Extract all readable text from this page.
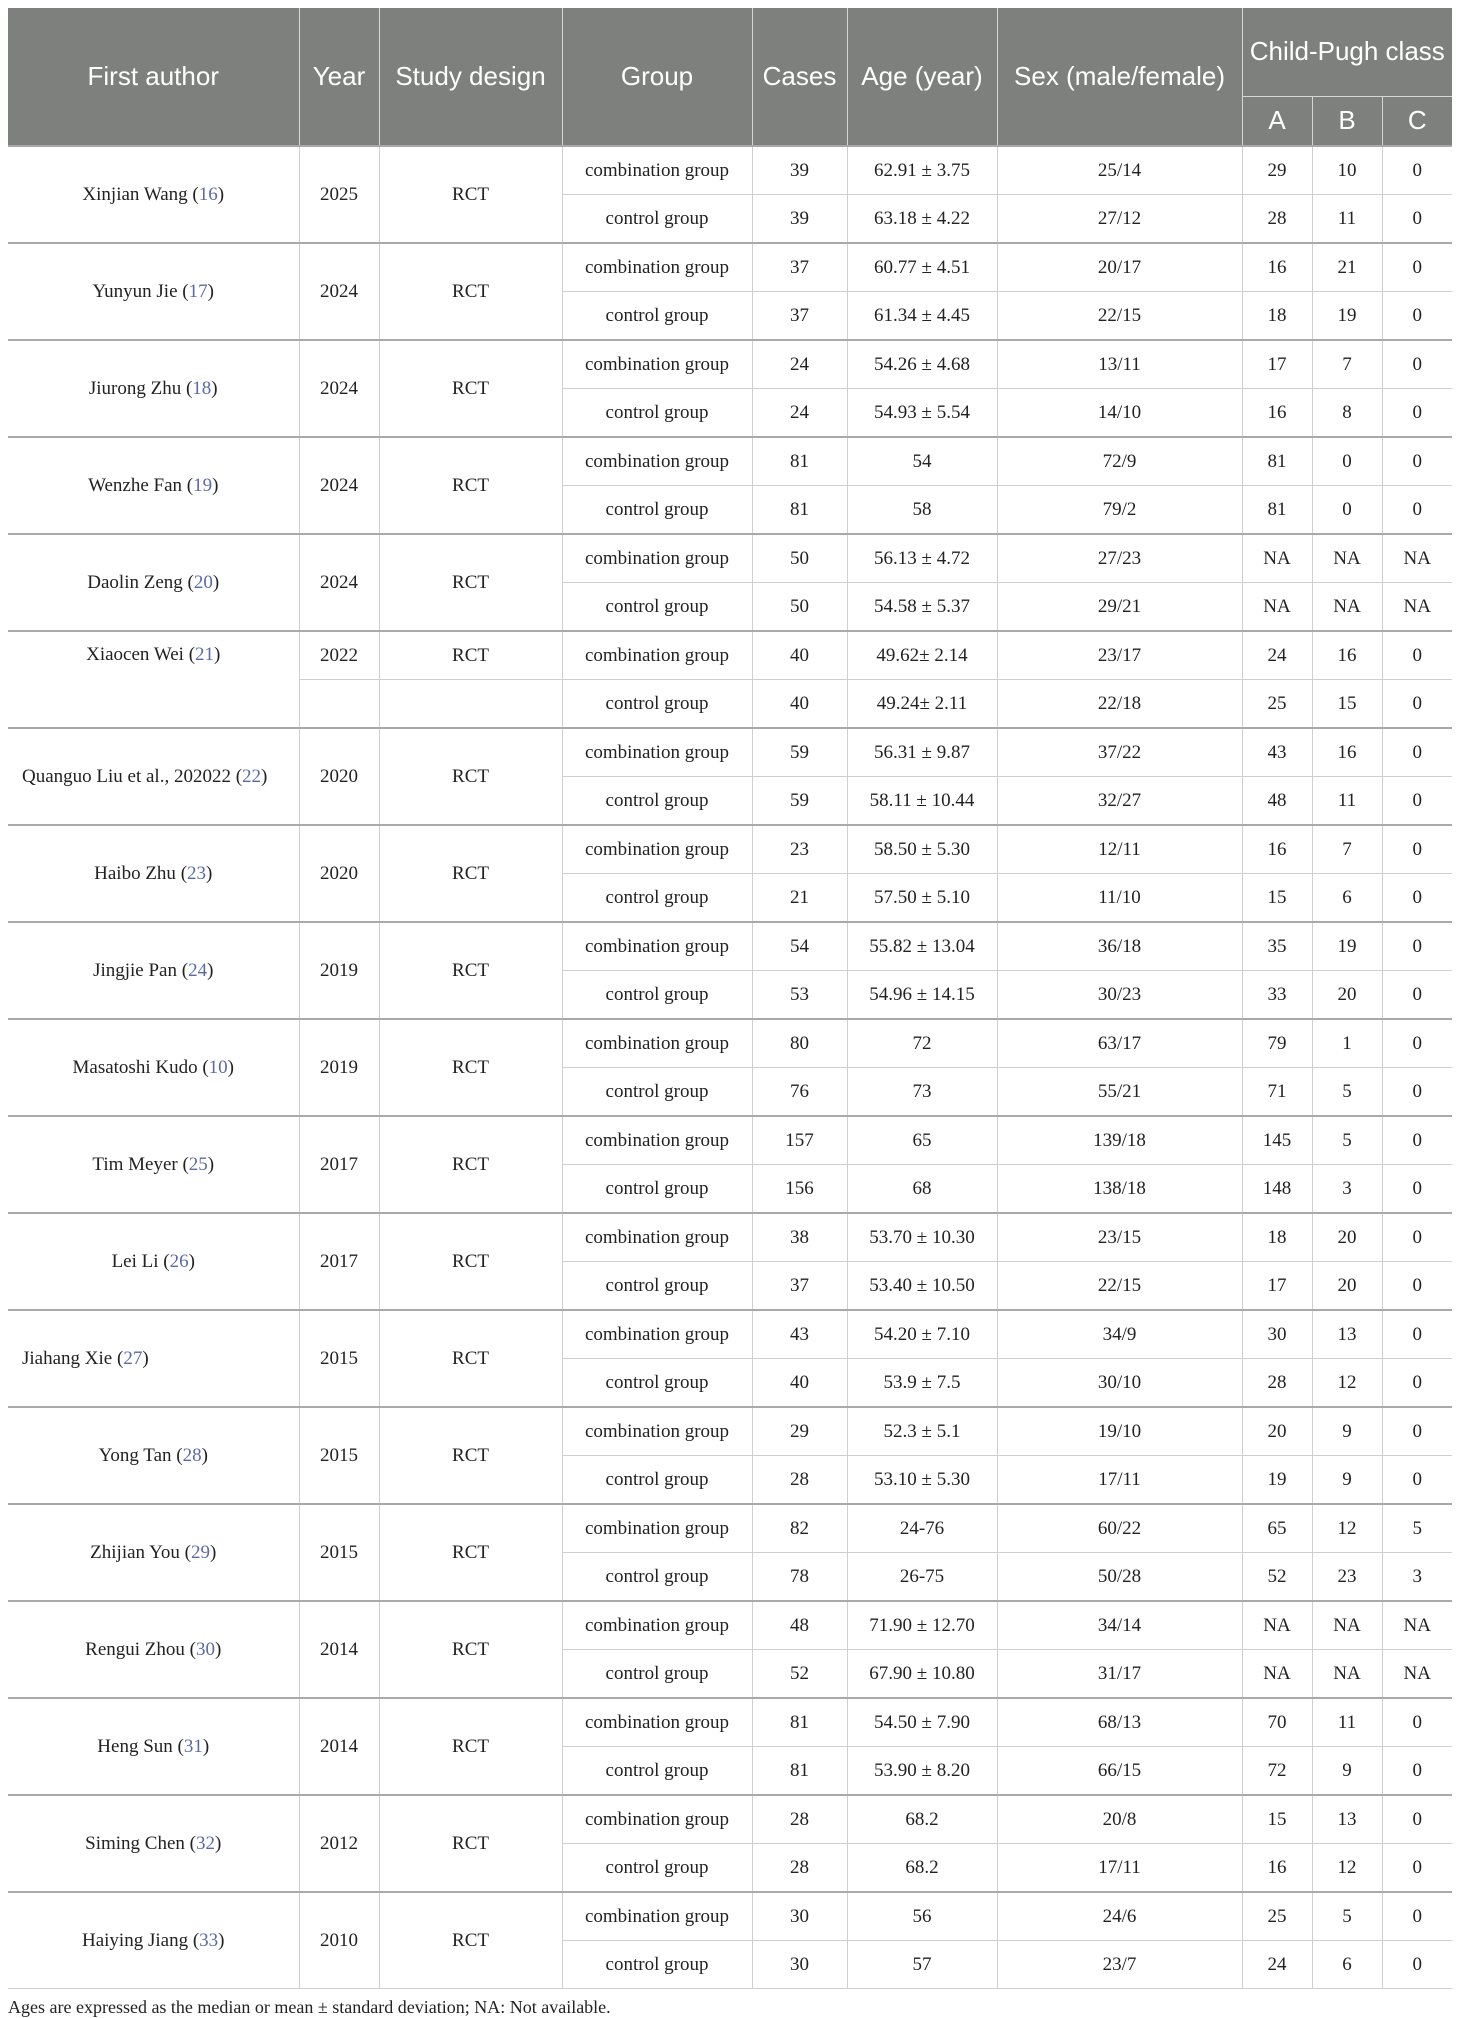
First author	Year	Study design	Group	Cases	Age (year)	Sex (male/female)	Child-Pugh class		
							A	B	C
Xinjian Wang (16)	2025	RCT	combination group	39	62.91 ± 3.75	25/14	29	10	0
			control group	39	63.18 ± 4.22	27/12	28	11	0
Yunyun Jie (17)	2024	RCT	combination group	37	60.77 ± 4.51	20/17	16	21	0
			control group	37	61.34 ± 4.45	22/15	18	19	0
Jiurong Zhu (18)	2024	RCT	combination group	24	54.26 ± 4.68	13/11	17	7	0
			control group	24	54.93 ± 5.54	14/10	16	8	0
Wenzhe Fan (19)	2024	RCT	combination group	81	54	72/9	81	0	0
			control group	81	58	79/2	81	0	0
Daolin Zeng (20)	2024	RCT	combination group	50	56.13 ± 4.72	27/23	NA	NA	NA
			control group	50	54.58 ± 5.37	29/21	NA	NA	NA
Xiaocen Wei (21)	2022	RCT	combination group	40	49.62± 2.14	23/17	24	16	0
			control group	40	49.24± 2.11	22/18	25	15	0
Quanguo Liu et al., 202022 (22)	2020	RCT	combination group	59	56.31 ± 9.87	37/22	43	16	0
			control group	59	58.11 ± 10.44	32/27	48	11	0
Haibo Zhu (23)	2020	RCT	combination group	23	58.50 ± 5.30	12/11	16	7	0
			control group	21	57.50 ± 5.10	11/10	15	6	0
Jingjie Pan (24)	2019	RCT	combination group	54	55.82 ± 13.04	36/18	35	19	0
			control group	53	54.96 ± 14.15	30/23	33	20	0
Masatoshi Kudo (10)	2019	RCT	combination group	80	72	63/17	79	1	0
			control group	76	73	55/21	71	5	0
Tim Meyer (25)	2017	RCT	combination group	157	65	139/18	145	5	0
			control group	156	68	138/18	148	3	0
Lei Li (26)	2017	RCT	combination group	38	53.70 ± 10.30	23/15	18	20	0
			control group	37	53.40 ± 10.50	22/15	17	20	0
Jiahang Xie (27)	2015	RCT	combination group	43	54.20 ± 7.10	34/9	30	13	0
			control group	40	53.9 ± 7.5	30/10	28	12	0
Yong Tan (28)	2015	RCT	combination group	29	52.3 ± 5.1	19/10	20	9	0
			control group	28	53.10 ± 5.30	17/11	19	9	0
Zhijian You (29)	2015	RCT	combination group	82	24-76	60/22	65	12	5
			control group	78	26-75	50/28	52	23	3
Rengui Zhou (30)	2014	RCT	combination group	48	71.90 ± 12.70	34/14	NA	NA	NA
			control group	52	67.90 ± 10.80	31/17	NA	NA	NA
Heng Sun (31)	2014	RCT	combination group	81	54.50 ± 7.90	68/13	70	11	0
			control group	81	53.90 ± 8.20	66/15	72	9	0
Siming Chen (32)	2012	RCT	combination group	28	68.2	20/8	15	13	0
			control group	28	68.2	17/11	16	12	0
Haiying Jiang (33)	2010	RCT	combination group	30	56	24/6	25	5	0
			control group	30	57	23/7	24	6	0
Ages are expressed as the median or mean ± standard deviation; NA: Not available.
